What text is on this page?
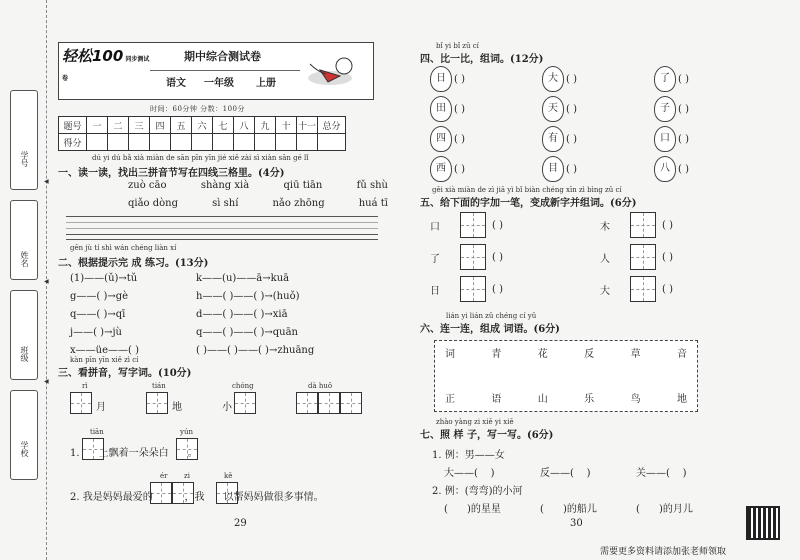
学号
姓名
班级
学校
◀
◀
◀
轻松100 同步测试卷
期中综合测试卷
语文 一年级 上册
时间：60分钟 分数：100分
题号	一	二	三	四	五	六	七	八	九	十	十一	总分
得分												
dú yi dú bǎ xià miàn de sān pīn yīn jié xiě zài sì xiàn sān gé lǐ
一、读一读，找出三拼音节写在四线三格里。(4分)
zuò cāo	shàng xià	qiū tiān	fǔ shù
qiǎo dòng	sì shí	nǎo zhōng	huá tī
gēn jù tí shì wán chéng liàn xí
二、根据提示完 成 练习。(13分)
(1)——(ǔ)→tǔ
g——( )→gè
q——( )→qī
j——( )→jù
x——üe——( )
k——(u)——ā→kuā
h——( )——( )→(huǒ)
d——( )——( )→xiā
q——( )——( )→quān
( )——( )——( )→zhuāng
kàn pīn yīn xiě zì cí
三、看拼音，写字词。(10分)
rì
月
tián
地	小
chóng	dà huǒ
tiān	yún
1.      上飘着一朵朵白      。
ér zi	kě
2. 我是妈妈最爱的          ，我      以帮妈妈做很多事情。
29
bǐ yi bǐ zǔ cí
四、比一比，组词。(12分)
日 ( )	大 ( )	了 ( )
田 ( )	天 ( )	子 ( )
四 ( )	有 ( )	口 ( )
西 ( )	目 ( )	八 ( )
gěi xià miàn de zì jiā yì bǐ biàn chéng xīn zì bìng zǔ cí
五、给下面的字加一笔，变成新字并组词。(6分)
口	( )
了	( )
日	( )
木	( )
人	( )
大	( )
lián yi lián zǔ chéng cí yǔ
六、连一连，组成 词语。(6分)
词	青	花	反	草	音
正	语	山	乐	鸟	地
zhào yàng zi xiě yi xiě
七、照 样 子，写一写。(6分)
1. 例：男——女
大——(    )	反——(    )	关——(    )
2. 例：(弯弯)的小河
(      )的星星	(      )的船儿	(      )的月儿
30
需要更多资料请添加张老师领取
